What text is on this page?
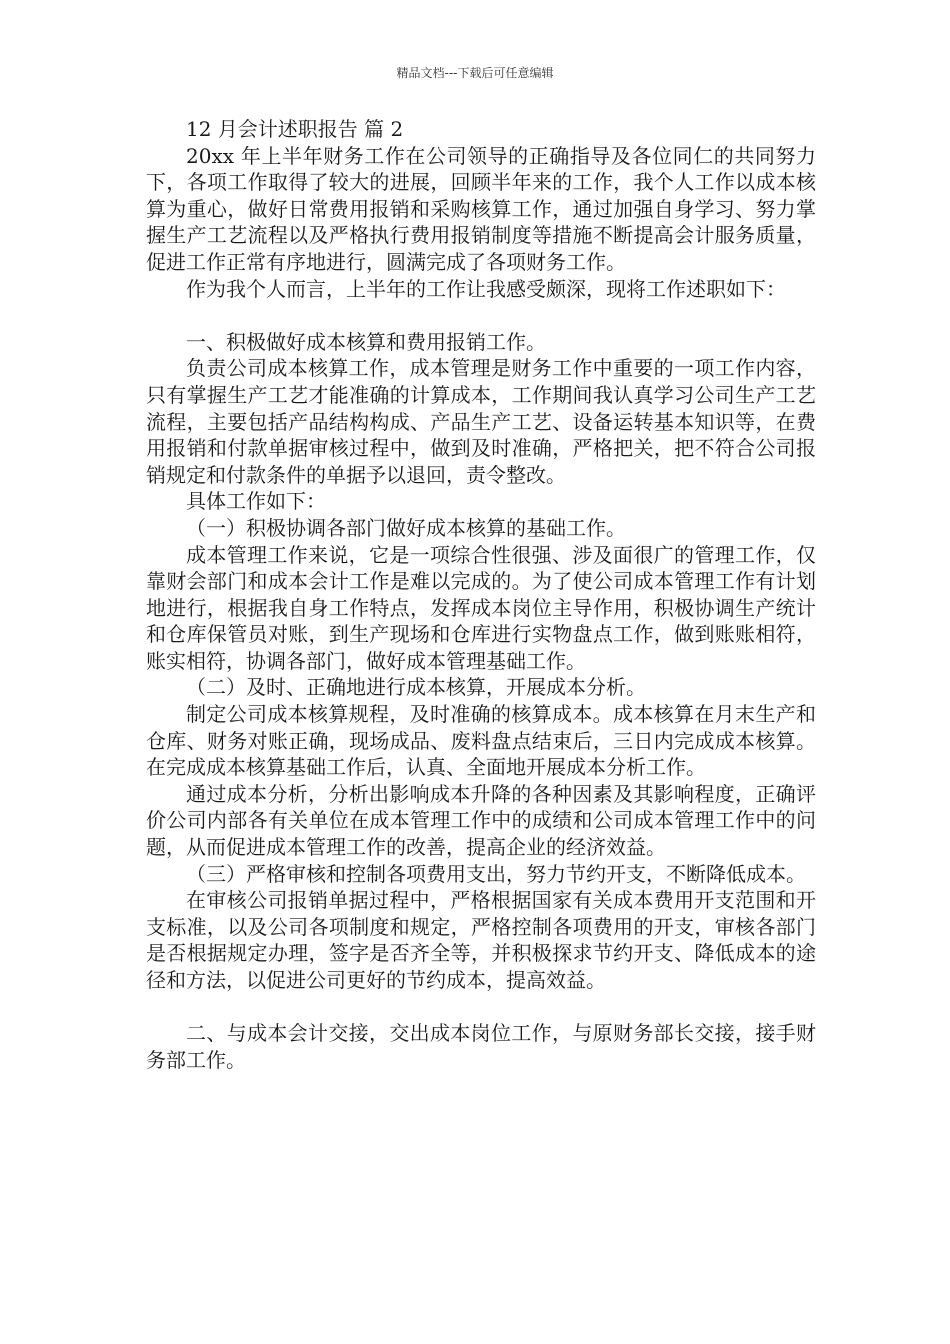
精品文档---下载后可任意编辑

12 月会计述职报告 篇 2

20xx 年上半年财务工作在公司领导的正确指导及各位同仁的共同努力下，各项工作取得了较大的进展，回顾半年来的工作，我个人工作以成本核算为重心，做好日常费用报销和采购核算工作，通过加强自身学习、努力掌握生产工艺流程以及严格执行费用报销制度等措施不断提高会计服务质量，促进工作正常有序地进行，圆满完成了各项财务工作。

作为我个人而言，上半年的工作让我感受颇深，现将工作述职如下：

一、积极做好成本核算和费用报销工作。

负责公司成本核算工作，成本管理是财务工作中重要的一项工作内容，只有掌握生产工艺才能准确的计算成本，工作期间我认真学习公司生产工艺流程，主要包括产品结构构成、产品生产工艺、设备运转基本知识等，在费用报销和付款单据审核过程中，做到及时准确，严格把关，把不符合公司报销规定和付款条件的单据予以退回，责令整改。

具体工作如下：

（一）积极协调各部门做好成本核算的基础工作。

成本管理工作来说，它是一项综合性很强、涉及面很广的管理工作，仅靠财会部门和成本会计工作是难以完成的。为了使公司成本管理工作有计划地进行，根据我自身工作特点，发挥成本岗位主导作用，积极协调生产统计和仓库保管员对账，到生产现场和仓库进行实物盘点工作，做到账账相符，账实相符，协调各部门，做好成本管理基础工作。

（二）及时、正确地进行成本核算，开展成本分析。

制定公司成本核算规程，及时准确的核算成本。成本核算在月末生产和仓库、财务对账正确，现场成品、废料盘点结束后，三日内完成成本核算。在完成成本核算基础工作后，认真、全面地开展成本分析工作。

通过成本分析，分析出影响成本升降的各种因素及其影响程度，正确评价公司内部各有关单位在成本管理工作中的成绩和公司成本管理工作中的问题，从而促进成本管理工作的改善，提高企业的经济效益。

（三）严格审核和控制各项费用支出，努力节约开支，不断降低成本。

在审核公司报销单据过程中，严格根据国家有关成本费用开支范围和开支标准，以及公司各项制度和规定，严格控制各项费用的开支，审核各部门是否根据规定办理，签字是否齐全等，并积极探求节约开支、降低成本的途径和方法，以促进公司更好的节约成本，提高效益。

二、与成本会计交接，交出成本岗位工作，与原财务部长交接，接手财务部工作。
